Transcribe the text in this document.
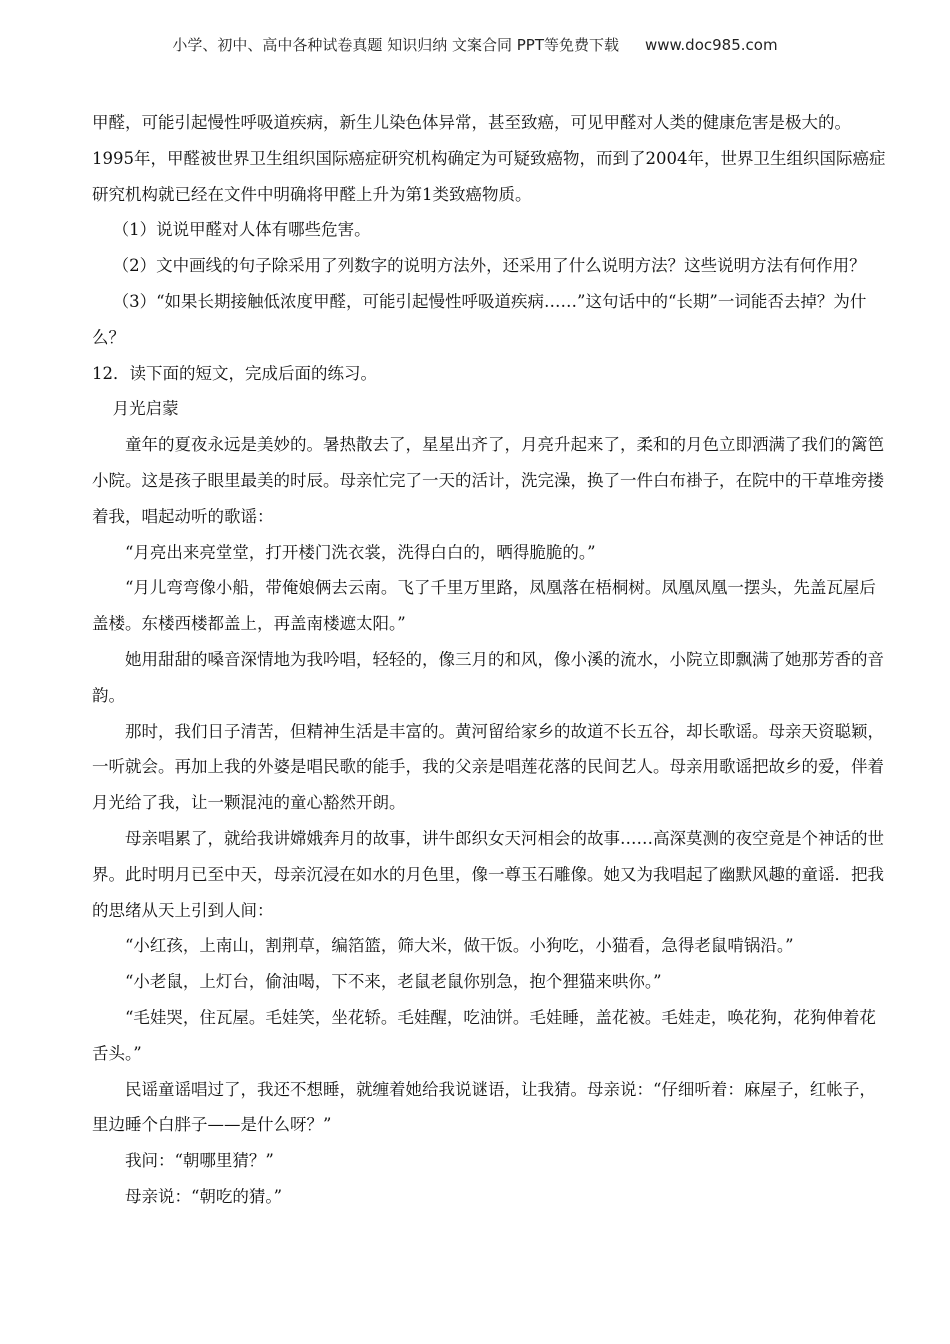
小学、初中、高中各种试卷真题 知识归纳 文案合同 PPT等免费下载 www.doc985.com

甲醛，可能引起慢性呼吸道疾病，新生儿染色体异常，甚至致癌，可见甲醛对人类的健康危害是极大的。1995年，甲醛被世界卫生组织国际癌症研究机构确定为可疑致癌物，而到了2004年，世界卫生组织国际癌症研究机构就已经在文件中明确将甲醛上升为第1类致癌物质。

（1）说说甲醛对人体有哪些危害。

（2）文中画线的句子除采用了列数字的说明方法外，还采用了什么说明方法？这些说明方法有何作用？

（3）“如果长期接触低浓度甲醛，可能引起慢性呼吸道疾病……”这句话中的“长期”一词能否去掉？为什么？

12．读下面的短文，完成后面的练习。

月光启蒙

童年的夏夜永远是美妙的。暑热散去了，星星出齐了，月亮升起来了，柔和的月色立即洒满了我们的篱笆小院。这是孩子眼里最美的时辰。母亲忙完了一天的活计，洗完澡，换了一件白布褂子，在院中的干草堆旁搂着我，唱起动听的歌谣：

“月亮出来亮堂堂，打开楼门洗衣裳，洗得白白的，晒得脆脆的。”

“月儿弯弯像小船，带俺娘俩去云南。飞了千里万里路，凤凰落在梧桐树。凤凰凤凰一摆头，先盖瓦屋后盖楼。东楼西楼都盖上，再盖南楼遮太阳。”

她用甜甜的嗓音深情地为我吟唱，轻轻的，像三月的和风，像小溪的流水，小院立即飘满了她那芳香的音韵。

那时，我们日子清苦，但精神生活是丰富的。黄河留给家乡的故道不长五谷，却长歌谣。母亲天资聪颖，一听就会。再加上我的外婆是唱民歌的能手，我的父亲是唱莲花落的民间艺人。母亲用歌谣把故乡的爱，伴着月光给了我，让一颗混沌的童心豁然开朗。

母亲唱累了，就给我讲嫦娥奔月的故事，讲牛郎织女天河相会的故事……高深莫测的夜空竟是个神话的世界。此时明月已至中天，母亲沉浸在如水的月色里，像一尊玉石雕像。她又为我唱起了幽默风趣的童谣．把我的思绪从天上引到人间：

“小红孩，上南山，割荆草，编箔篮，筛大米，做干饭。小狗吃，小猫看，急得老鼠啃锅沿。”

“小老鼠，上灯台，偷油喝，下不来，老鼠老鼠你别急，抱个狸猫来哄你。”

“毛娃哭，住瓦屋。毛娃笑，坐花轿。毛娃醒，吃油饼。毛娃睡，盖花被。毛娃走，唤花狗，花狗伸着花舌头。”

民谣童谣唱过了，我还不想睡，就缠着她给我说谜语，让我猜。母亲说：“仔细听着：麻屋子，红帐子，里边睡个白胖子——是什么呀？”

我问：“朝哪里猜？”

母亲说：“朝吃的猜。”
